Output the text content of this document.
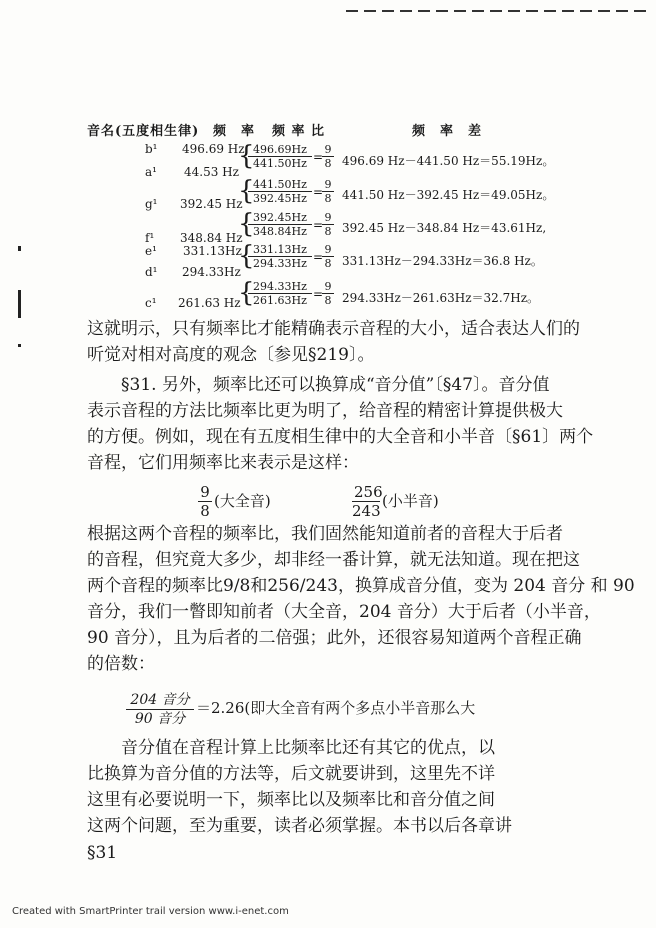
音名(五度相生律) 频　率 频 率 比	频　率　差
b¹
a¹
g¹
f¹
e¹
d¹
c¹
496.69 Hz
44.53 Hz
392.45 Hz
348.84 Hz
331.13Hz
294.33Hz
261.63 Hz
{
{
{
{
{
$\frac{496.69Hz}{441.50Hz}$ =
$\frac{9}{8}$
$\frac{441.50Hz}{392.45Hz}$ =
$\frac{9}{8}$
$\frac{392.45Hz}{348.84Hz}$ =
$\frac{9}{8}$
$\frac{331.13Hz}{294.33Hz}$ =
$\frac{9}{8}$
$\frac{294.33Hz}{261.63Hz}$ =
$\frac{9}{8}$
496.69 Hz－441.50 Hz＝55.19Hz。
441.50 Hz－392.45 Hz＝49.05Hz。
392.45 Hz－348.84 Hz＝43.61Hz,
331.13Hz－294.33Hz＝36.8 Hz。
294.33Hz－261.63Hz＝32.7Hz。
这就明示，只有频率比才能精确表示音程的大小，适合表达人们的
听觉对相对高度的观念〔参见§219〕。
§31. 另外，频率比还可以换算成“音分值”〔§47〕。音分值
表示音程的方法比频率比更为明了，给音程的精密计算提供极大
的方便。例如，现在有五度相生律中的大全音和小半音〔§61〕两个
音程，它们用频率比来表示是这样：
$\frac{9}{8}$ (大全音)	$\frac{256}{243}$ (小半音)
根据这两个音程的频率比，我们固然能知道前者的音程大于后者
的音程，但究竟大多少，却非经一番计算，就无法知道。现在把这
两个音程的频率比9/8和256/243，换算成音分值，变为 204 音分 和 90
音分，我们一瞥即知前者（大全音，204 音分）大于后者（小半音，
90 音分），且为后者的二倍强；此外，还很容易知道两个音程正确
的倍数：
204 音分
90 音分
＝2.26(即大全音有两个多点小半音那么大
音分值在音程计算上比频率比还有其它的优点，以
比换算为音分值的方法等，后文就要讲到，这里先不详
这里有必要说明一下，频率比以及频率比和音分值之间
这两个问题，至为重要，读者必须掌握。本书以后各章讲
§31
Created with SmartPrinter trail version www.i-enet.com
